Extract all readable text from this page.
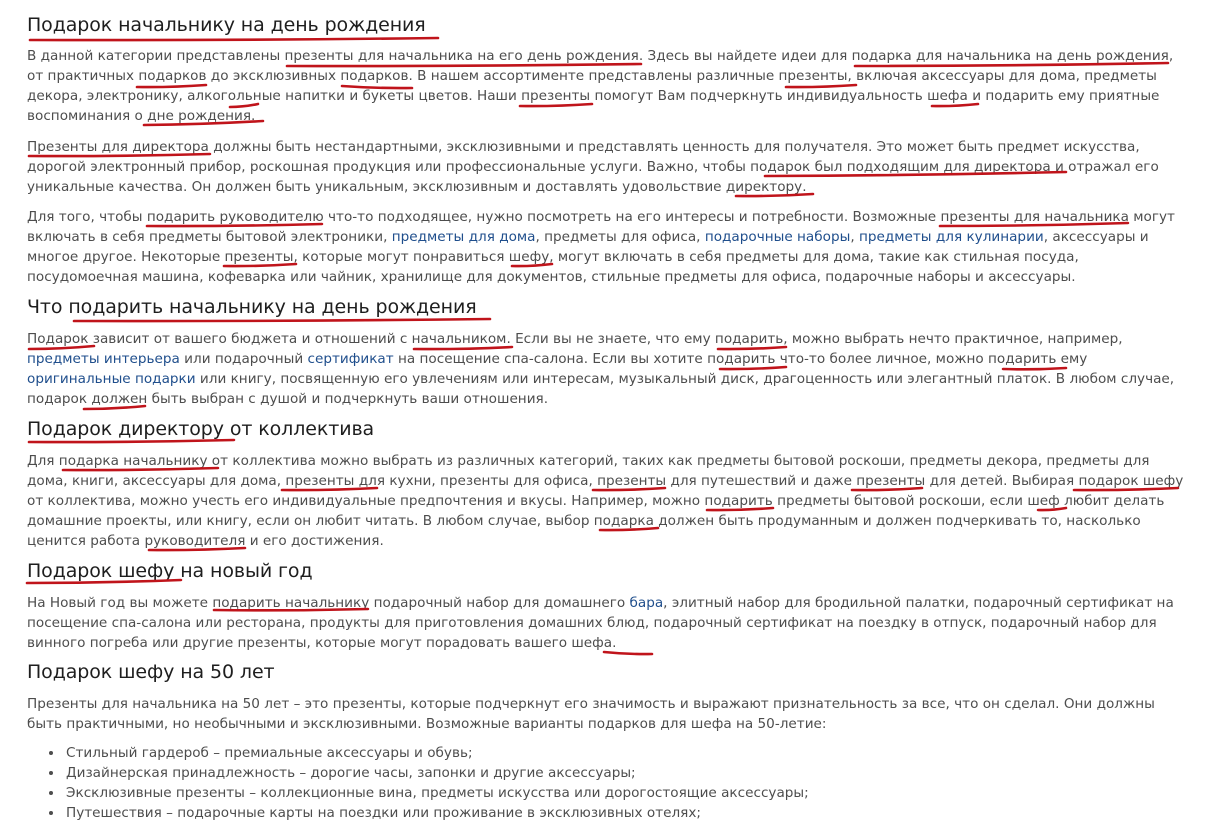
Подарок начальнику на день рождения

В данной категории представлены презенты для начальника на его день рождения. Здесь вы найдете идеи для подарка для начальника на день рождения, от практичных подарков до эксклюзивных подарков. В нашем ассортименте представлены различные презенты, включая аксессуары для дома, предметы декора, электронику, алкогольные напитки и букеты цветов. Наши презенты помогут Вам подчеркнуть индивидуальность шефа и подарить ему приятные воспоминания о дне рождения.

Презенты для директора должны быть нестандартными, эксклюзивными и представлять ценность для получателя. Это может быть предмет искусства, дорогой электронный прибор, роскошная продукция или профессиональные услуги. Важно, чтобы подарок был подходящим для директора и отражал его уникальные качества. Он должен быть уникальным, эксклюзивным и доставлять удовольствие директору.

Для того, чтобы подарить руководителю что-то подходящее, нужно посмотреть на его интересы и потребности. Возможные презенты для начальника могут включать в себя предметы бытовой электроники, предметы для дома, предметы для офиса, подарочные наборы, предметы для кулинарии, аксессуары и многое другое. Некоторые презенты, которые могут понравиться шефу, могут включать в себя предметы для дома, такие как стильная посуда, посудомоечная машина, кофеварка или чайник, хранилище для документов, стильные предметы для офиса, подарочные наборы и аксессуары.

Что подарить начальнику на день рождения

Подарок зависит от вашего бюджета и отношений с начальником. Если вы не знаете, что ему подарить, можно выбрать нечто практичное, например, предметы интерьера или подарочный сертификат на посещение спа-салона. Если вы хотите подарить что-то более личное, можно подарить ему оригинальные подарки или книгу, посвященную его увлечениям или интересам, музыкальный диск, драгоценность или элегантный платок. В любом случае, подарок должен быть выбран с душой и подчеркнуть ваши отношения.

Подарок директору от коллектива

Для подарка начальнику от коллектива можно выбрать из различных категорий, таких как предметы бытовой роскоши, предметы декора, предметы для дома, книги, аксессуары для дома, презенты для кухни, презенты для офиса, презенты для путешествий и даже презенты для детей. Выбирая подарок шефу от коллектива, можно учесть его индивидуальные предпочтения и вкусы. Например, можно подарить предметы бытовой роскоши, если шеф любит делать домашние проекты, или книгу, если он любит читать. В любом случае, выбор подарка должен быть продуманным и должен подчеркивать то, насколько ценится работа руководителя и его достижения.

Подарок шефу на новый год

На Новый год вы можете подарить начальнику подарочный набор для домашнего бара, элитный набор для бродильной палатки, подарочный сертификат на посещение спа-салона или ресторана, продукты для приготовления домашних блюд, подарочный сертификат на поездку в отпуск, подарочный набор для винного погреба или другие презенты, которые могут порадовать вашего шефа.

Подарок шефу на 50 лет

Презенты для начальника на 50 лет – это презенты, которые подчеркнут его значимость и выражают признательность за все, что он сделал. Они должны быть практичными, но необычными и эксклюзивными. Возможные варианты подарков для шефа на 50-летие:

• Стильный гардероб – премиальные аксессуары и обувь;
• Дизайнерская принадлежность – дорогие часы, запонки и другие аксессуары;
• Эксклюзивные презенты – коллекционные вина, предметы искусства или дорогостоящие аксессуары;
• Путешествия – подарочные карты на поездки или проживание в эксклюзивных отелях;
